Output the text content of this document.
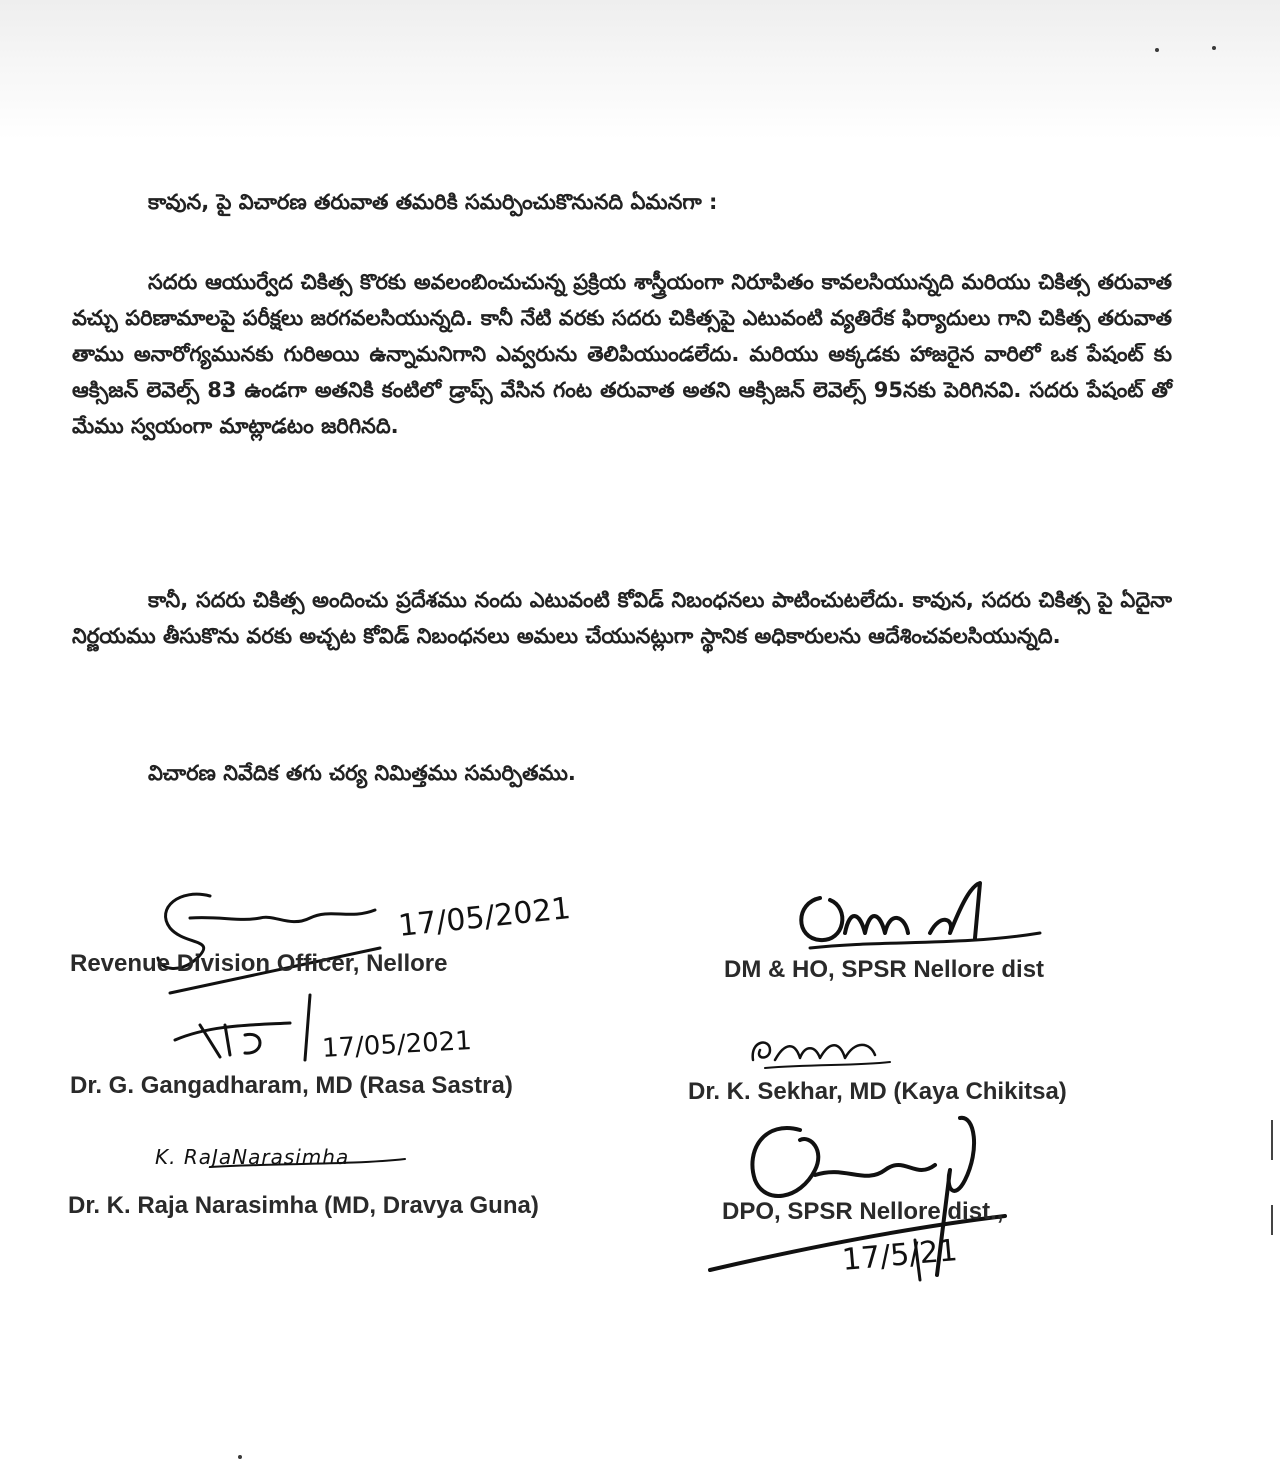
కావున, పై విచారణ తరువాత తమరికి సమర్పించుకొనునది ఏమనగా :
సదరు ఆయుర్వేద చికిత్స కొరకు అవలంబించుచున్న ప్రక్రియ శాస్త్రీయంగా నిరూపితం కావలసియున్నది మరియు చికిత్స తరువాత వచ్చు పరిణామాలపై పరీక్షలు జరగవలసియున్నది. కానీ నేటి వరకు సదరు చికిత్సపై ఎటువంటి వ్యతిరేక ఫిర్యాదులు గాని చికిత్స తరువాత తాము అనారోగ్యమునకు గురిఅయి ఉన్నామనిగాని ఎవ్వరును తెలిపియుండలేదు. మరియు అక్కడకు హాజరైన వారిలో ఒక పేషంట్ కు ఆక్సిజన్ లెవెల్స్ 83 ఉండగా అతనికి కంటిలో డ్రాప్స్ వేసిన గంట తరువాత అతని ఆక్సిజన్ లెవెల్స్ 95నకు పెరిగినవి. సదరు పేషంట్ తో మేము స్వయంగా మాట్లాడటం జరిగినది.
కానీ, సదరు చికిత్స అందించు ప్రదేశము నందు ఎటువంటి కోవిడ్ నిబంధనలు పాటించుటలేదు. కావున, సదరు చికిత్స పై ఏదైనా నిర్ణయము తీసుకొను వరకు అచ్చట కోవిడ్ నిబంధనలు అమలు చేయునట్లుగా స్థానిక అధికారులను ఆదేశించవలసియున్నది.
విచారణ నివేదిక తగు చర్య నిమిత్తము సమర్పితము.
17/05/2021
Revenue Division Officer, Nellore	DM & HO, SPSR Nellore dist
17/05/2021
Dr. G. Gangadharam, MD (Rasa Sastra)	Dr. K. Sekhar, MD (Kaya Chikitsa)
K. RaJaNarasimha
Dr. K. Raja Narasimha (MD, Dravya Guna)	DPO, SPSR Nellore dist.,
17/5/21
